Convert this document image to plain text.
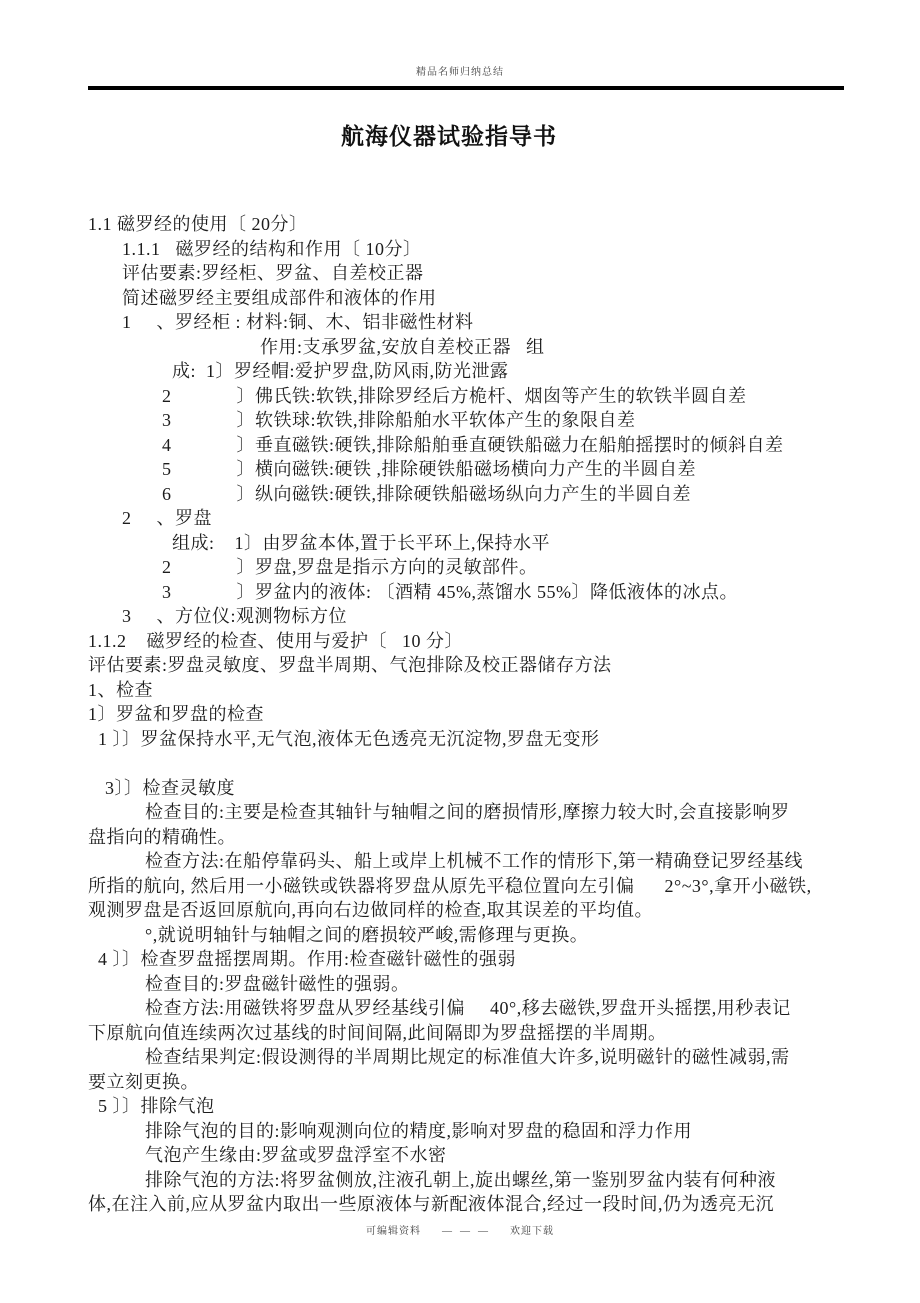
精品名师归纳总结
航海仪器试验指导书
1.1 磁罗经的使用〔 20分〕
1.1.1   磁罗经的结构和作用〔 10分〕
评估要素:罗经柜、罗盆、自差校正器
简述磁罗经主要组成部件和液体的作用
1     、罗经柜 : 材料:铜、木、铝非磁性材料
作用:支承罗盆,安放自差校正器   组
成:  1〕罗经帽:爱护罗盘,防风雨,防光泄露
2             〕佛氏铁:软铁,排除罗经后方桅杆、烟囱等产生的软铁半圆自差
3             〕软铁球:软铁,排除船舶水平软体产生的象限自差
4             〕垂直磁铁:硬铁,排除船舶垂直硬铁船磁力在船舶摇摆时的倾斜自差
5             〕横向磁铁:硬铁 ,排除硬铁船磁场横向力产生的半圆自差
6             〕纵向磁铁:硬铁,排除硬铁船磁场纵向力产生的半圆自差
2     、罗盘
组成:    1〕由罗盆本体,置于长平环上,保持水平
2             〕罗盘,罗盘是指示方向的灵敏部件。
3             〕罗盆内的液体: 〔酒精 45%,蒸馏水 55%〕降低液体的冰点。
3     、方位仪:观测物标方位
1.1.2    磁罗经的检查、使用与爱护〔   10 分〕
评估要素:罗盘灵敏度、罗盘半周期、气泡排除及校正器储存方法
1、检查
1〕罗盆和罗盘的检查
1 〕〕罗盆保持水平,无气泡,液体无色透亮无沉淀物,罗盘无变形
3〕〕检查灵敏度
检查目的:主要是检查其轴针与轴帽之间的磨损情形,摩擦力较大时,会直接影响罗
盘指向的精确性。
检查方法:在船停靠码头、船上或岸上机械不工作的情形下,第一精确登记罗经基线
所指的航向, 然后用一小磁铁或铁器将罗盘从原先平稳位置向左引偏      2°~3°,拿开小磁铁,
观测罗盘是否返回原航向,再向右边做同样的检查,取其误差的平均值。
°,就说明轴针与轴帽之间的磨损较严峻,需修理与更换。
4 〕〕检查罗盘摇摆周期。作用:检查磁针磁性的强弱
检查目的:罗盘磁针磁性的强弱。
检查方法:用磁铁将罗盘从罗经基线引偏     40°,移去磁铁,罗盘开头摇摆,用秒表记
下原航向值连续两次过基线的时间间隔,此间隔即为罗盘摇摆的半周期。
检查结果判定:假设测得的半周期比规定的标准值大许多,说明磁针的磁性减弱,需
要立刻更换。
5 〕〕排除气泡
排除气泡的目的:影响观测向位的精度,影响对罗盘的稳固和浮力作用
气泡产生缘由:罗盆或罗盘浮室不水密
排除气泡的方法:将罗盆侧放,注液孔朝上,旋出螺丝,第一鉴别罗盆内装有何种液
体,在注入前,应从罗盆内取出一些原液体与新配液体混合,经过一段时间,仍为透亮无沉
可编辑资料      —  —  —      欢迎下载
